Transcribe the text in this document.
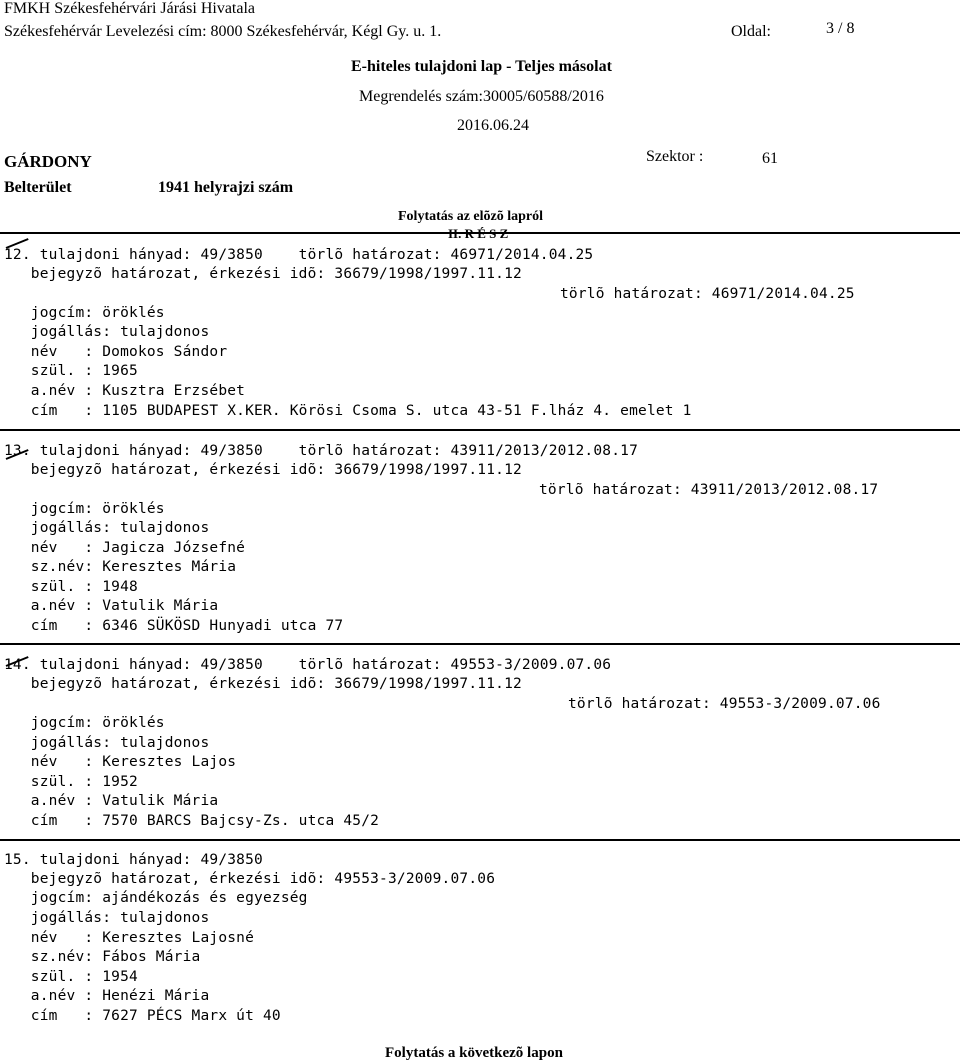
FMKH Székesfehérvári Járási Hivatala
Székesfehérvár Levelezési cím: 8000 Székesfehérvár, Kégl Gy. u. 1.	Oldal:	3 / 8
E-hiteles tulajdoni lap - Teljes másolat
Megrendelés szám:30005/60588/2016
2016.06.24
GÁRDONY	Szektor :	61
Belterület	1941 helyrajzi szám
Folytatás az elõzõ lapról
12. tulajdoni hányad: 49/3850    törlõ határozat: 46971/2014.04.25
bejegyzõ határozat, érkezési idõ: 36679/1998/1997.11.12
törlõ határozat: 46971/2014.04.25
jogcím: öröklés
jogállás: tulajdonos
név   : Domokos Sándor
szül. : 1965
a.név : Kusztra Erzsébet
cím   : 1105 BUDAPEST X.KER. Körösi Csoma S. utca 43-51 F.lház 4. emelet 1
13. tulajdoni hányad: 49/3850    törlõ határozat: 43911/2013/2012.08.17
bejegyzõ határozat, érkezési idõ: 36679/1998/1997.11.12
törlõ határozat: 43911/2013/2012.08.17
jogcím: öröklés
jogállás: tulajdonos
név   : Jagicza Józsefné
sz.név: Keresztes Mária
szül. : 1948
a.név : Vatulik Mária
cím   : 6346 SÜKÖSD Hunyadi utca 77
14. tulajdoni hányad: 49/3850    törlõ határozat: 49553-3/2009.07.06
bejegyzõ határozat, érkezési idõ: 36679/1998/1997.11.12
törlõ határozat: 49553-3/2009.07.06
jogcím: öröklés
jogállás: tulajdonos
név   : Keresztes Lajos
szül. : 1952
a.név : Vatulik Mária
cím   : 7570 BARCS Bajcsy-Zs. utca 45/2
15. tulajdoni hányad: 49/3850
bejegyzõ határozat, érkezési idõ: 49553-3/2009.07.06
jogcím: ajándékozás és egyezség
jogállás: tulajdonos
név   : Keresztes Lajosné
sz.név: Fábos Mária
szül. : 1954
a.név : Henézi Mária
cím   : 7627 PÉCS Marx út 40
Folytatás a következõ lapon
